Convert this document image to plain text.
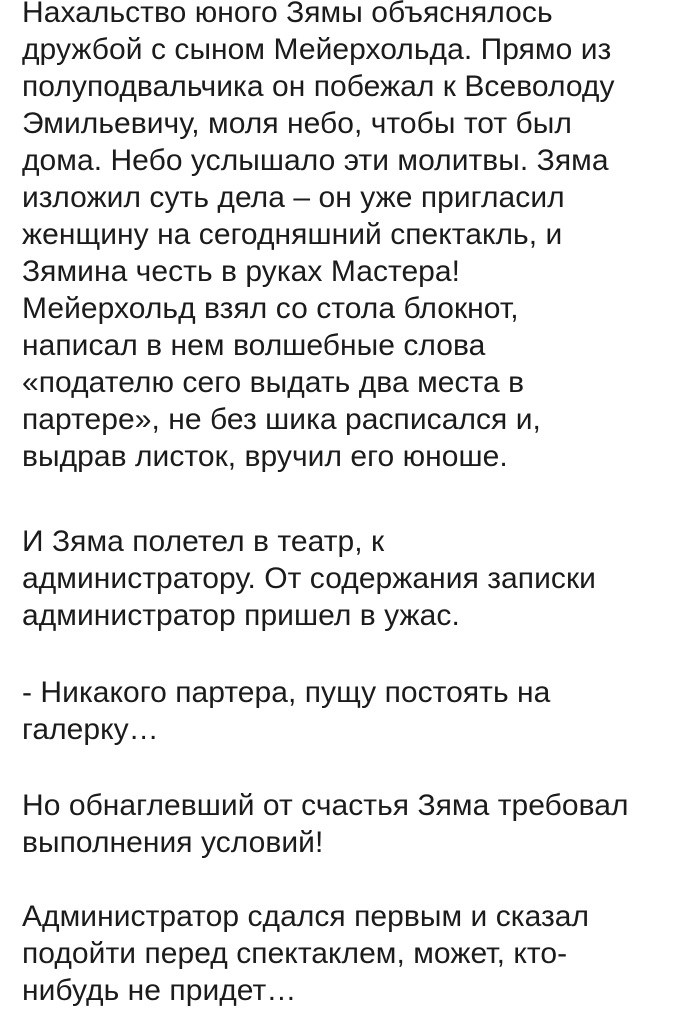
Нахальство юного Зямы объяснялось
дружбой с сыном Мейерхольда. Прямо из
полуподвальчика он побежал к Всеволоду
Эмильевичу, моля небо, чтобы тот был
дома. Небо услышало эти молитвы. Зяма
изложил суть дела – он уже пригласил
женщину на сегодняшний спектакль, и
Зямина честь в руках Мастера!
Мейерхольд взял со стола блокнот,
написал в нем волшебные слова
«подателю сего выдать два места в
партере», не без шика расписался и,
выдрав листок, вручил его юноше.
И Зяма полетел в театр, к
администратору. От содержания записки
администратор пришел в ужас.
- Никакого партера, пущу постоять на
галерку…
Но обнаглевший от счастья Зяма требовал
выполнения условий!
Администратор сдался первым и сказал
подойти перед спектаклем, может, кто-
нибудь не придет…
